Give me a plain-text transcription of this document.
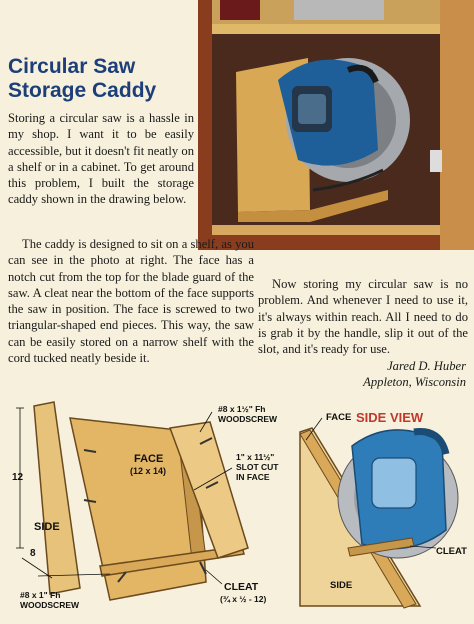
Circular Saw
Storage Caddy

Storing a circular saw is a hassle in my shop. I want it to be easily accessible, but it doesn't fit neatly on a shelf or in a cabinet. To get around this problem, I built the storage caddy shown in the drawing below.

The caddy is designed to sit on a shelf, as you can see in the photo at right. The face has a notch cut from the top for the blade guard of the saw. A cleat near the bottom of the face supports the saw in position. The face is screwed to two triangular-shaped end pieces. This way, the saw can be easily stored on a narrow shelf with the cord tucked neatly beside it.

Now storing my circular saw is no problem. And whenever I need to use it, it's always within reach. All I need to do is grab it by the handle, slip it out of the slot, and it's ready for use.

Jared D. Huber
Appleton, Wisconsin
FACE
(12 x 14)
SIDE
12
8
#8 x 1½" Fh
WOODSCREW
1" x 11½"
SLOT CUT
IN FACE
#8 x 1" Fh
WOODSCREW
CLEAT
(¾ x ½ - 12)
SIDE VIEW
FACE
SIDE
CLEAT
